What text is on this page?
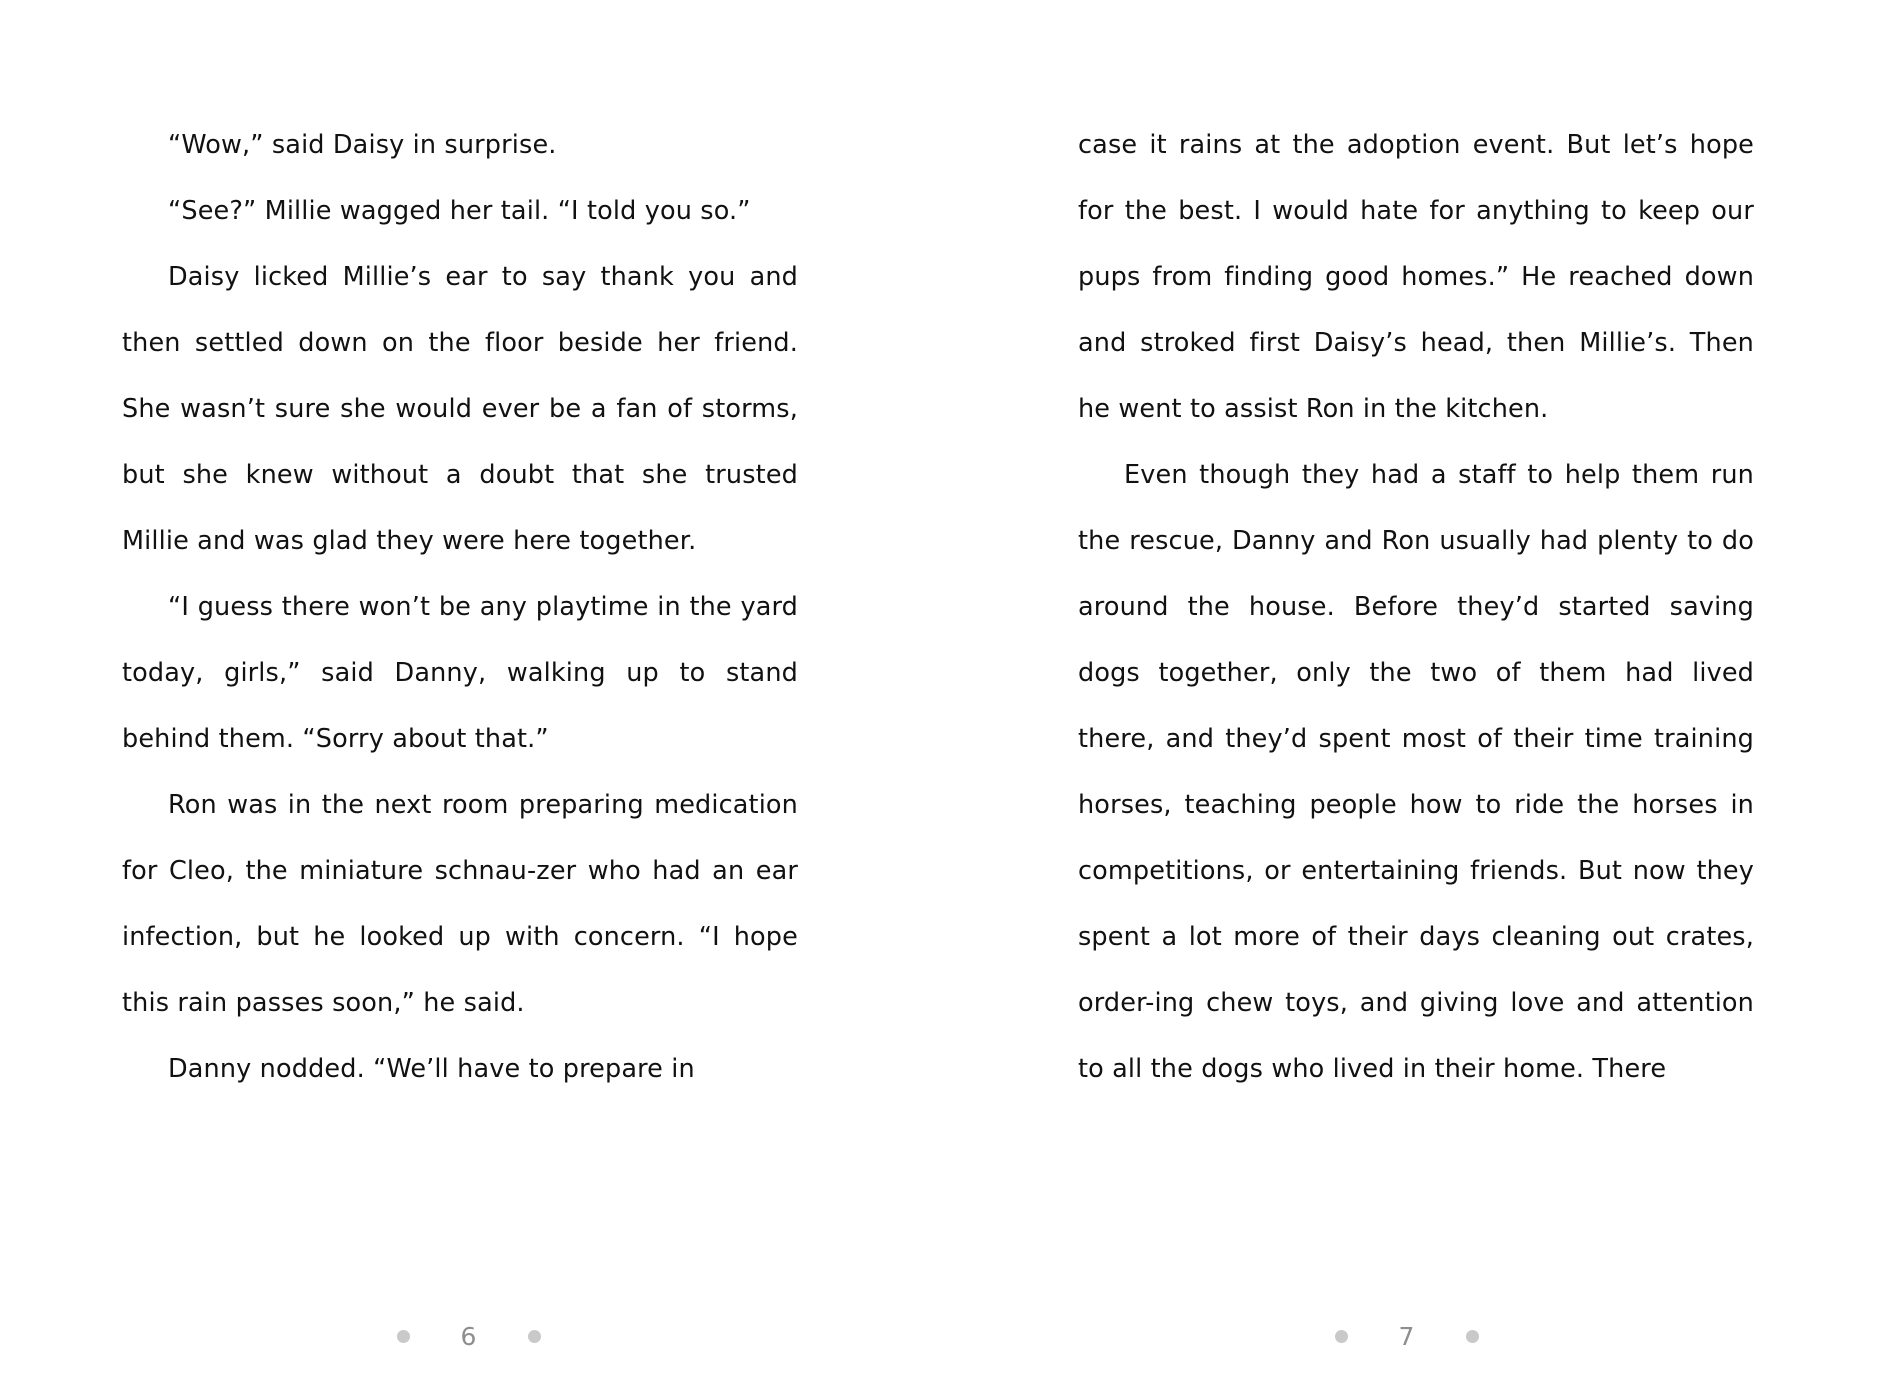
“Wow,” said Daisy in surprise.

“See?” Millie wagged her tail. “I told you so.”

Daisy licked Millie’s ear to say thank you and then settled down on the floor beside her friend. She wasn’t sure she would ever be a fan of storms, but she knew without a doubt that she trusted Millie and was glad they were here together.

“I guess there won’t be any playtime in the yard today, girls,” said Danny, walking up to stand behind them. “Sorry about that.”

Ron was in the next room preparing medication for Cleo, the miniature schnau-zer who had an ear infection, but he looked up with concern. “I hope this rain passes soon,” he said.

Danny nodded. “We’ll have to prepare in

6

case it rains at the adoption event. But let’s hope for the best. I would hate for anything to keep our pups from finding good homes.” He reached down and stroked first Daisy’s head, then Millie’s. Then he went to assist Ron in the kitchen.

Even though they had a staff to help them run the rescue, Danny and Ron usually had plenty to do around the house. Before they’d started saving dogs together, only the two of them had lived there, and they’d spent most of their time training horses, teaching people how to ride the horses in competitions, or entertaining friends. But now they spent a lot more of their days cleaning out crates, order-ing chew toys, and giving love and attention to all the dogs who lived in their home. There

7
